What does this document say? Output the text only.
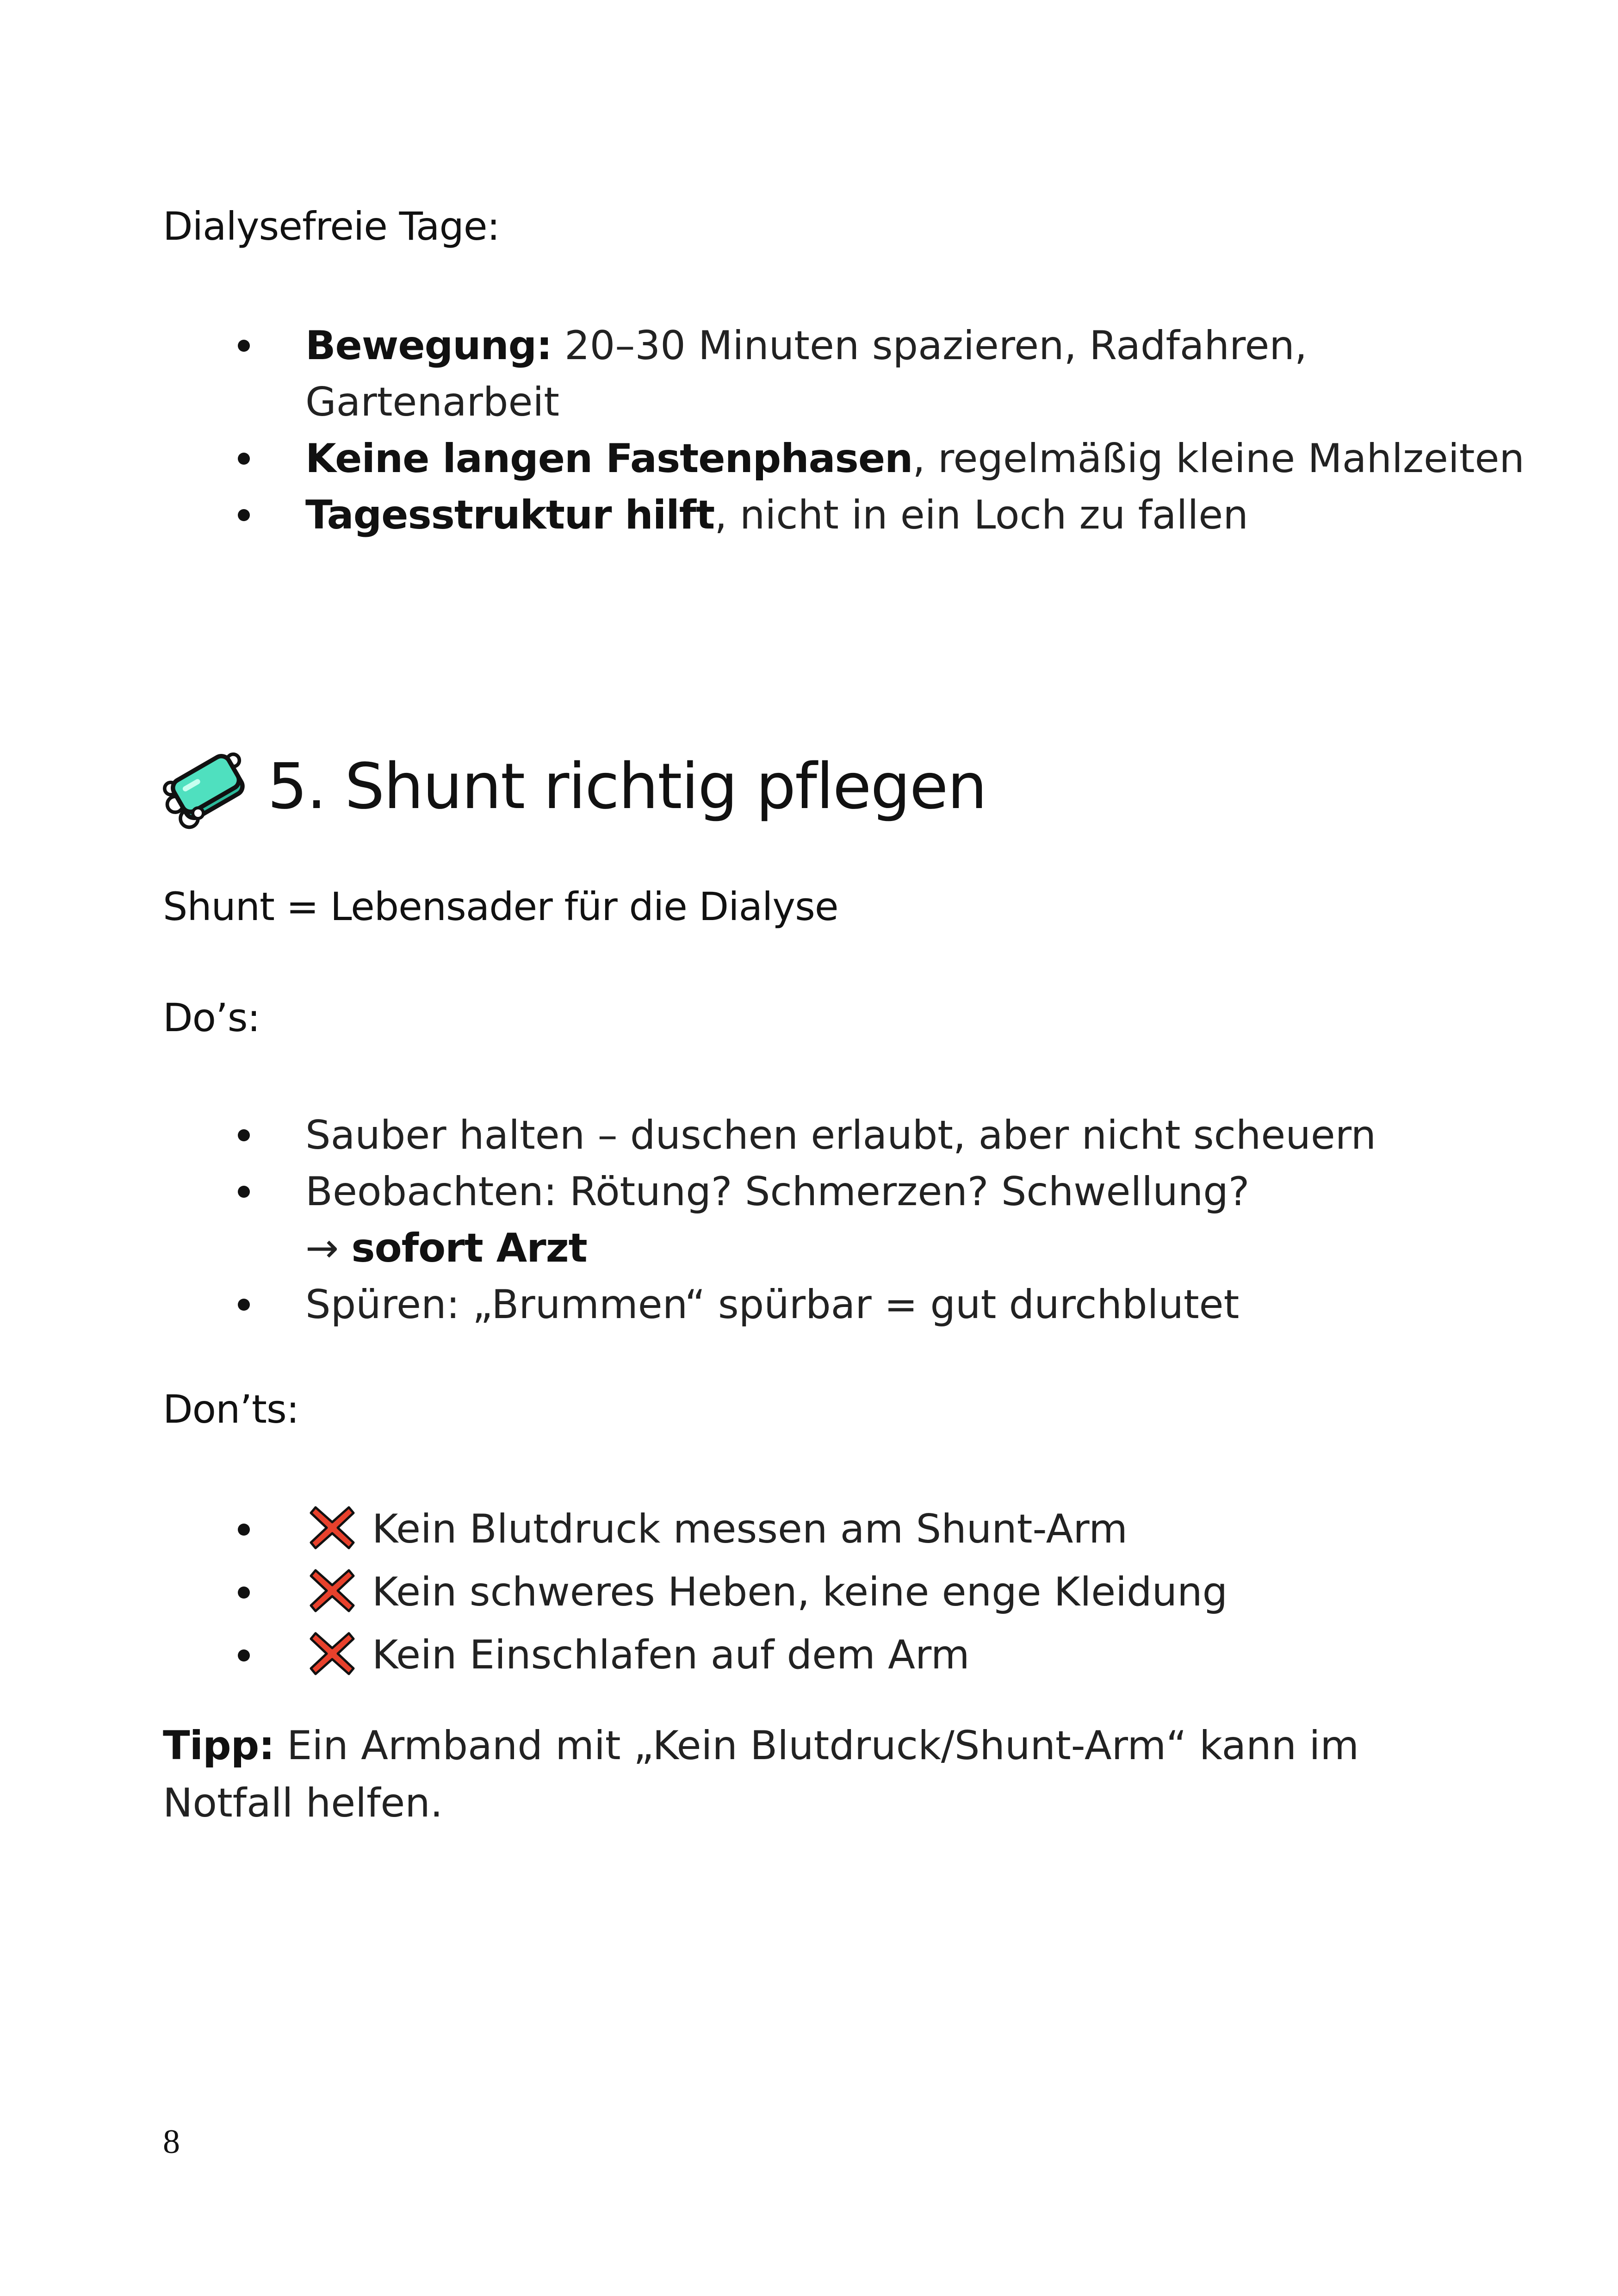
Dialysefreie Tage:
Bewegung: 20–30 Minuten spazieren, Radfahren,
Gartenarbeit
Keine langen Fastenphasen, regelmäßig kleine Mahlzeiten
Tagesstruktur hilft, nicht in ein Loch zu fallen
5. Shunt richtig pflegen
Shunt = Lebensader für die Dialyse
Do’s:
Sauber halten – duschen erlaubt, aber nicht scheuern
Beobachten: Rötung? Schmerzen? Schwellung?
→ sofort Arzt
Spüren: „Brummen“ spürbar = gut durchblutet
Don’ts:
Kein Blutdruck messen am Shunt-Arm
Kein schweres Heben, keine enge Kleidung
Kein Einschlafen auf dem Arm
Tipp: Ein Armband mit „Kein Blutdruck/Shunt-Arm“ kann im Notfall helfen.
8
